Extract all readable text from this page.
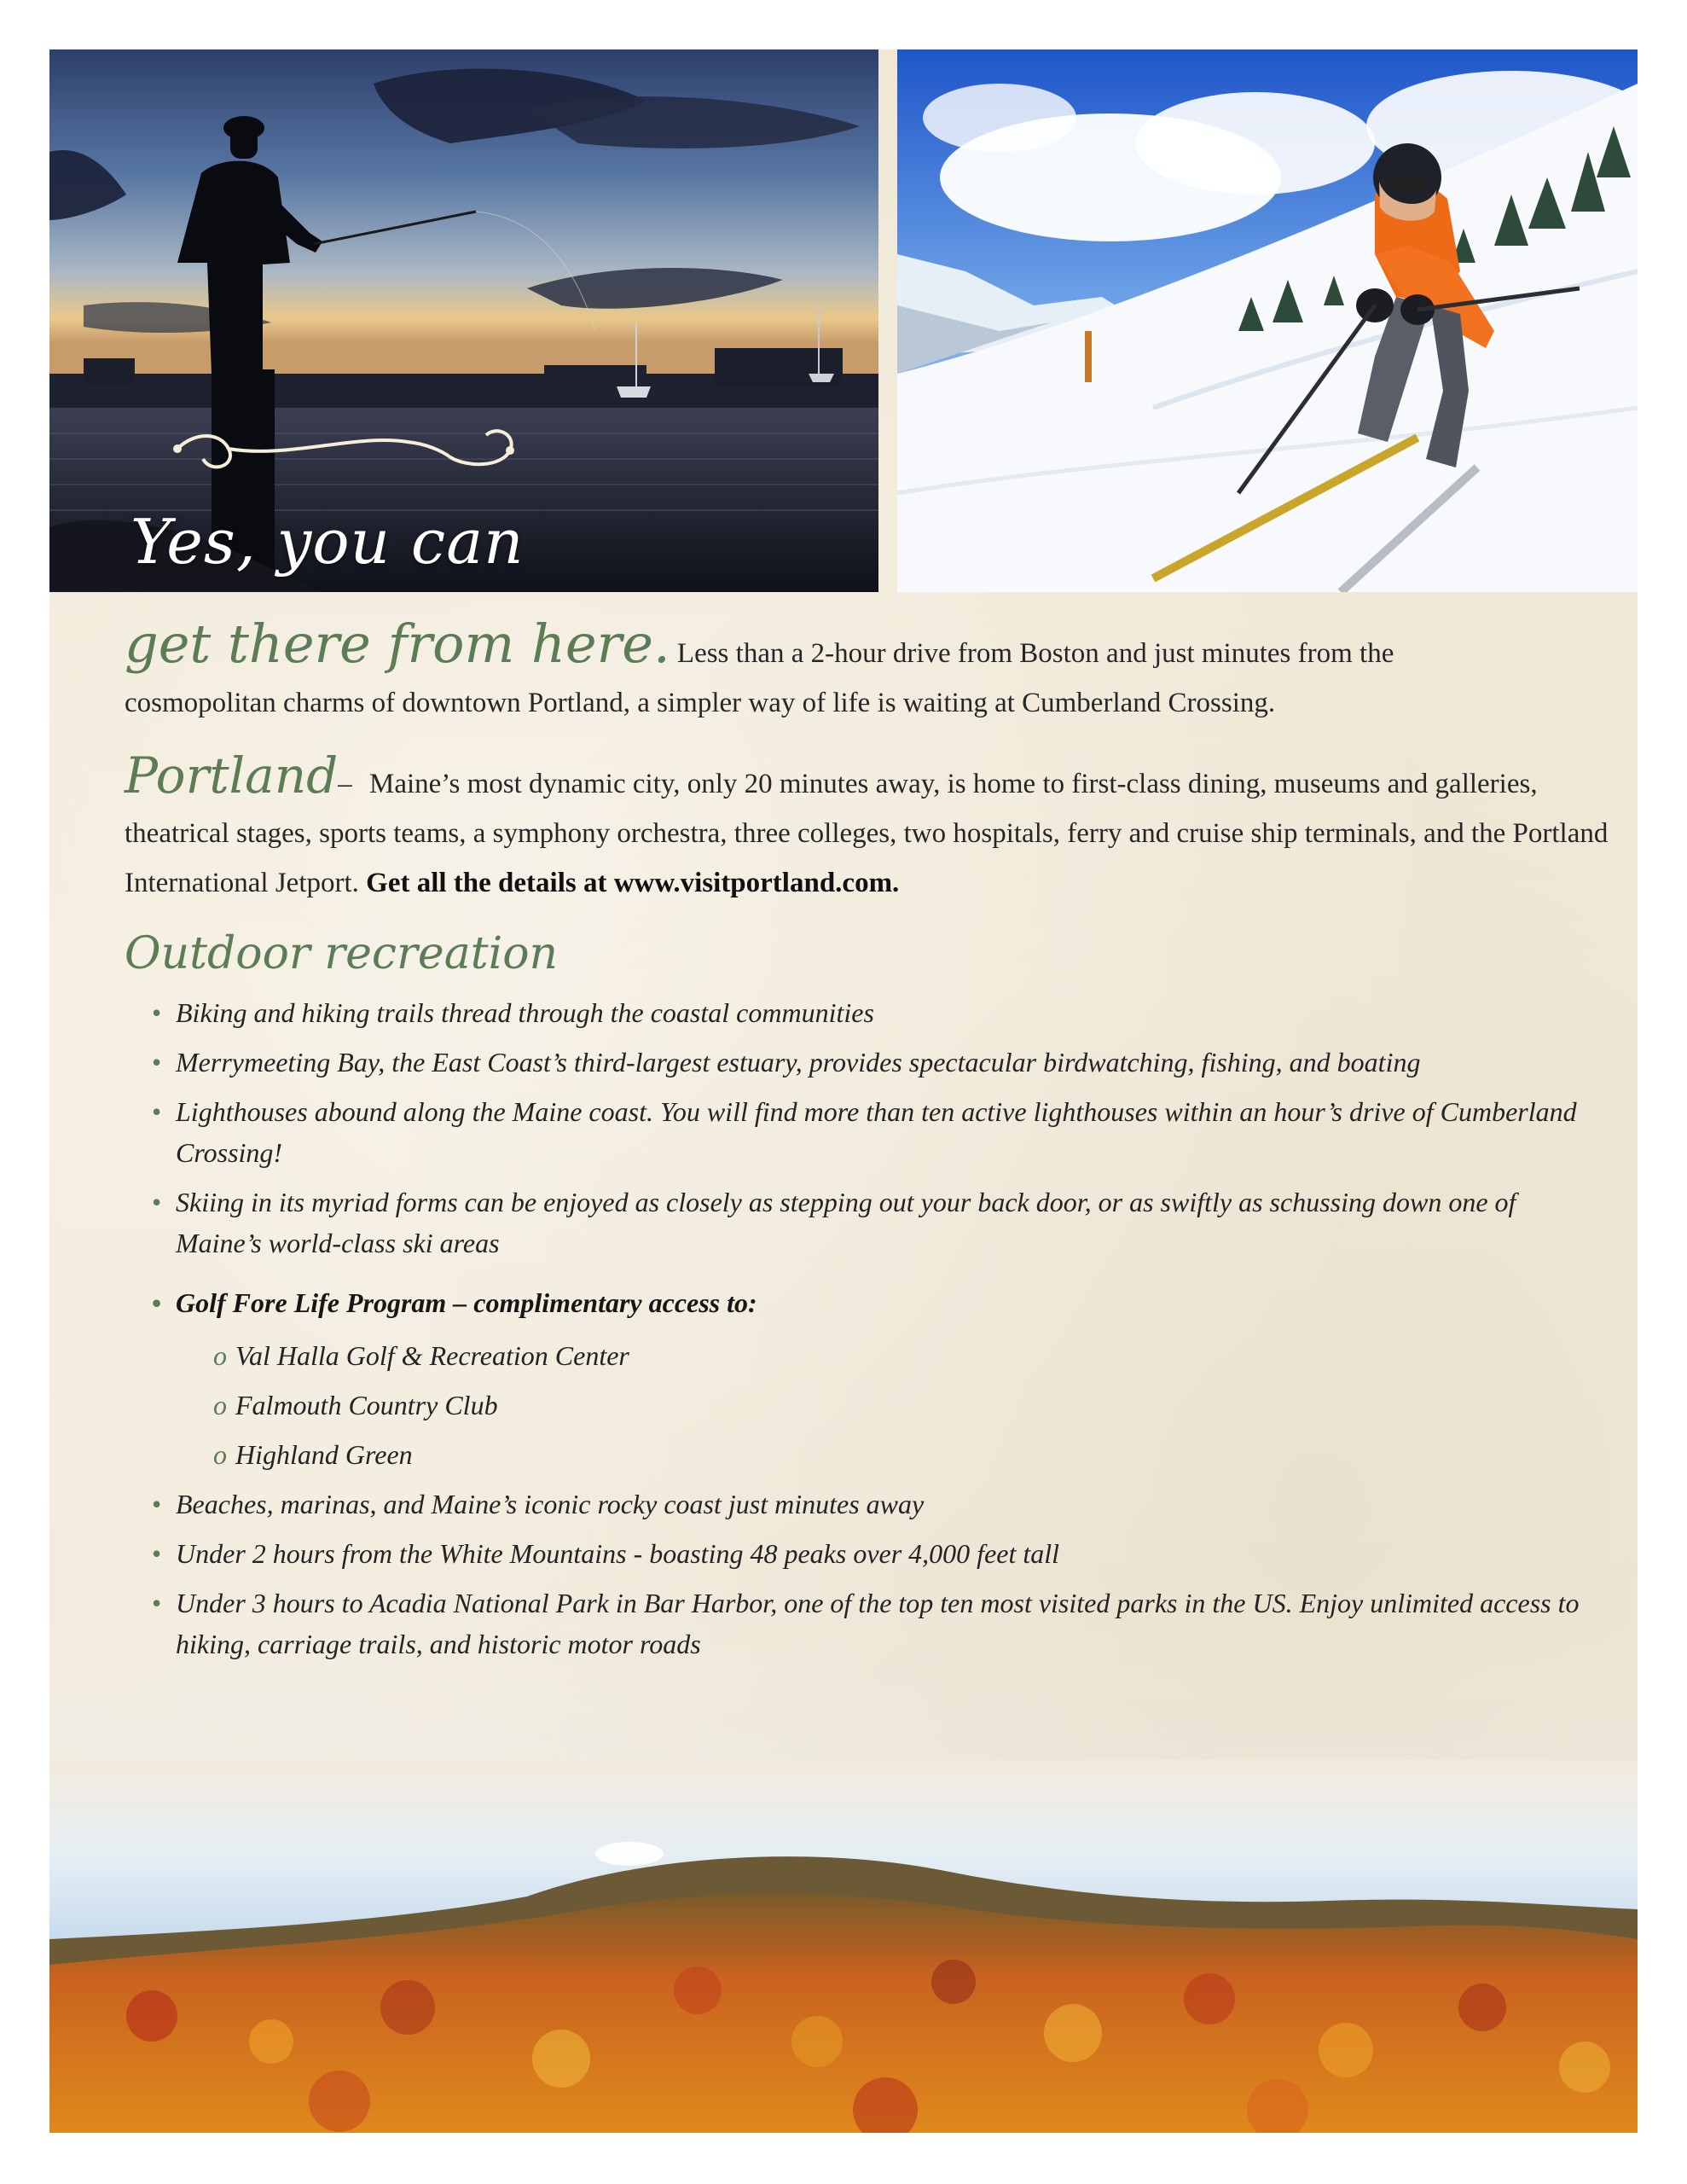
Yes, you can
get there from here. Less than a 2-hour drive from Boston and just minutes from the
cosmopolitan charms of downtown Portland, a simpler way of life is waiting at Cumberland Crossing.
Portland– Maine’s most dynamic city, only 20 minutes away, is home to first-class dining, museums and galleries, theatrical stages, sports teams, a symphony orchestra, three colleges, two hospitals, ferry and cruise ship terminals, and the Portland International Jetport. Get all the details at www.visitportland.com.
Outdoor recreation
• Biking and hiking trails thread through the coastal communities
• Merrymeeting Bay, the East Coast’s third-largest estuary, provides spectacular birdwatching, fishing, and boating
• Lighthouses abound along the Maine coast. You will find more than ten active lighthouses within an hour’s drive of Cumberland Crossing!
• Skiing in its myriad forms can be enjoyed as closely as stepping out your back door, or as swiftly as schussing down one of Maine’s world-class ski areas
• Golf Fore Life Program – complimentary access to:
o Val Halla Golf & Recreation Center
o Falmouth Country Club
o Highland Green
• Beaches, marinas, and Maine’s iconic rocky coast just minutes away
• Under 2 hours from the White Mountains - boasting 48 peaks over 4,000 feet tall
• Under 3 hours to Acadia National Park in Bar Harbor, one of the top ten most visited parks in the US. Enjoy unlimited access to hiking, carriage trails, and historic motor roads
